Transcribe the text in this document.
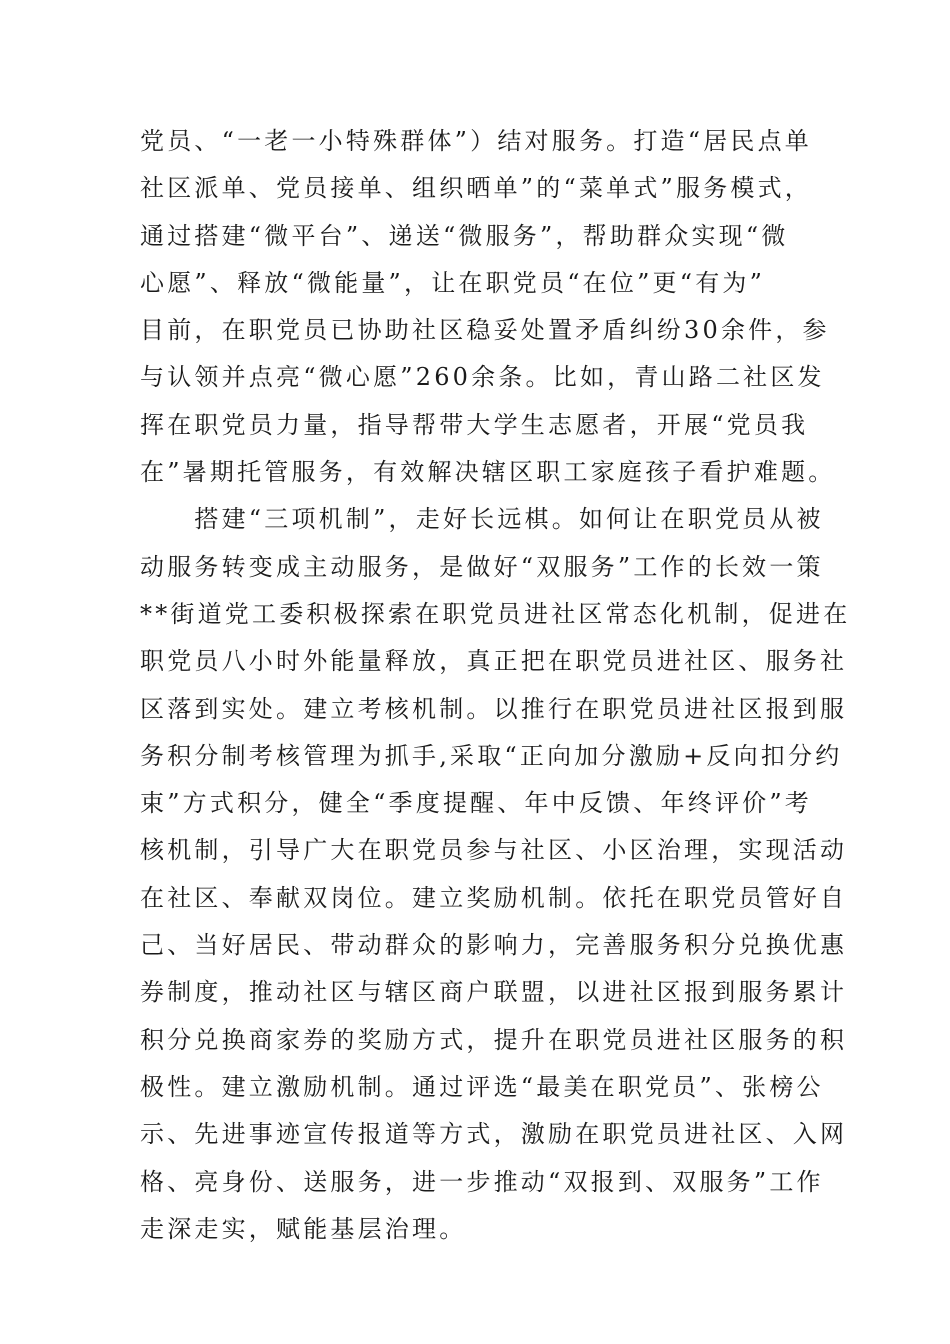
党员、“一老一小特殊群体”）结对服务。打造“居民点单
社区派单、党员接单、组织晒单”的“菜单式”服务模式，
通过搭建“微平台”、递送“微服务”，帮助群众实现“微
心愿”、释放“微能量”，让在职党员“在位”更“有为”
目前，在职党员已协助社区稳妥处置矛盾纠纷30余件，参
与认领并点亮“微心愿”260余条。比如，青山路二社区发
挥在职党员力量，指导帮带大学生志愿者，开展“党员我
在”暑期托管服务，有效解决辖区职工家庭孩子看护难题。
　　搭建“三项机制”，走好长远棋。如何让在职党员从被
动服务转变成主动服务，是做好“双服务”工作的长效一策
**街道党工委积极探索在职党员进社区常态化机制，促进在
职党员八小时外能量释放，真正把在职党员进社区、服务社
区落到实处。建立考核机制。以推行在职党员进社区报到服
务积分制考核管理为抓手,采取“正向加分激励+反向扣分约
束”方式积分，健全“季度提醒、年中反馈、年终评价”考
核机制，引导广大在职党员参与社区、小区治理，实现活动
在社区、奉献双岗位。建立奖励机制。依托在职党员管好自
己、当好居民、带动群众的影响力，完善服务积分兑换优惠
券制度，推动社区与辖区商户联盟，以进社区报到服务累计
积分兑换商家券的奖励方式，提升在职党员进社区服务的积
极性。建立激励机制。通过评选“最美在职党员”、张榜公
示、先进事迹宣传报道等方式，激励在职党员进社区、入网
格、亮身份、送服务，进一步推动“双报到、双服务”工作
走深走实，赋能基层治理。
